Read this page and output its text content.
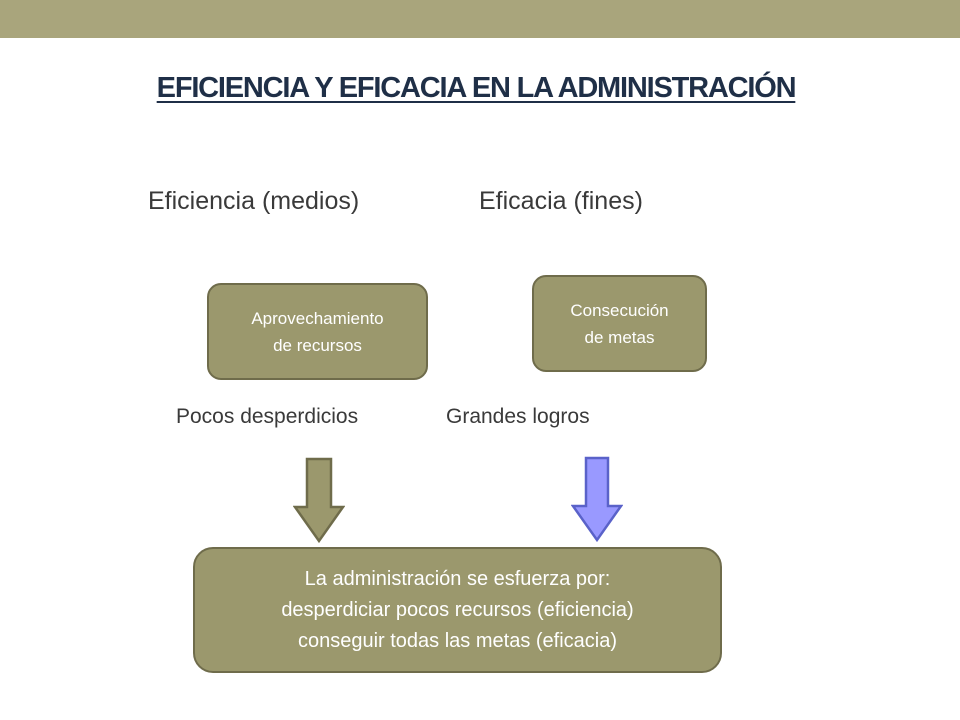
EFICIENCIA Y EFICACIA EN LA ADMINISTRACIÓN
Eficiencia (medios)	Eficacia (fines)
Aprovechamiento
de recursos
Consecución
de metas
Pocos desperdicios	Grandes logros
La administración se esfuerza por:
desperdiciar pocos recursos (eficiencia)
conseguir todas las metas (eficacia)
